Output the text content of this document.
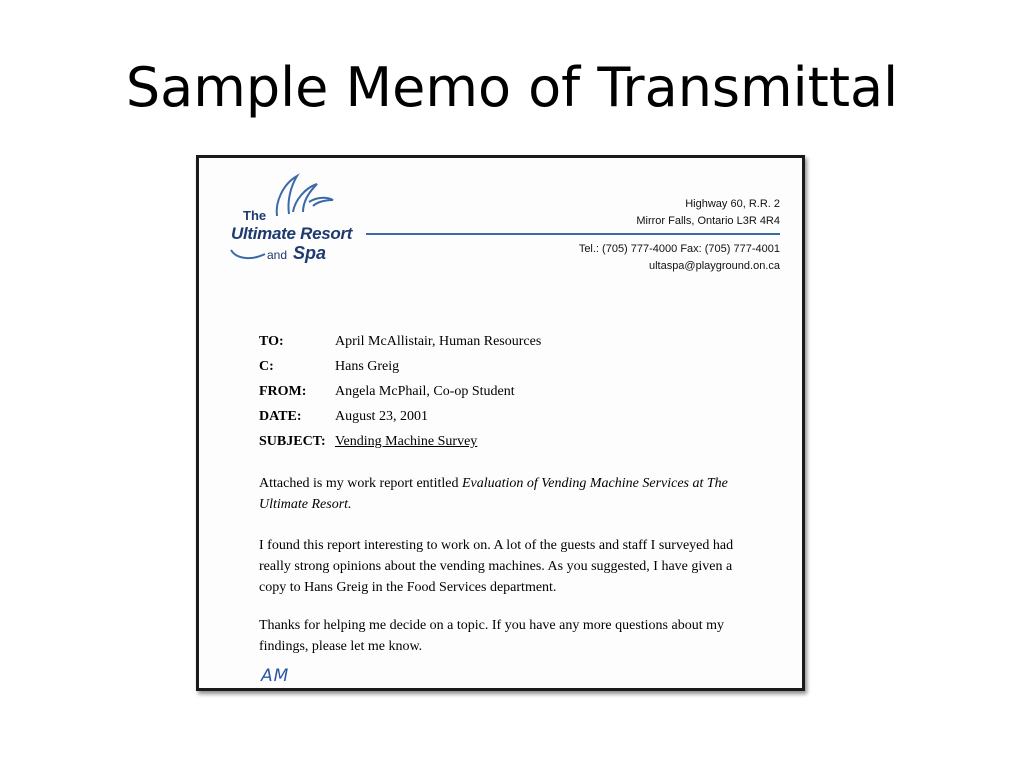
Sample Memo of Transmittal
The
Ultimate Resort
and Spa
Highway 60, R.R. 2
Mirror Falls, Ontario L3R 4R4
Tel.: (705) 777-4000 Fax: (705) 777-4001
ultaspa@playground.on.ca
TO:	April McAllistair, Human Resources
C:	Hans Greig
FROM: Angela McPhail, Co-op Student
DATE: August 23, 2001
SUBJECT: Vending Machine Survey
Attached is my work report entitled Evaluation of Vending Machine Services at The Ultimate Resort.
I found this report interesting to work on. A lot of the guests and staff I surveyed had really strong opinions about the vending machines. As you suggested, I have given a copy to Hans Greig in the Food Services department.
Thanks for helping me decide on a topic. If you have any more questions about my findings, please let me know.
AM
